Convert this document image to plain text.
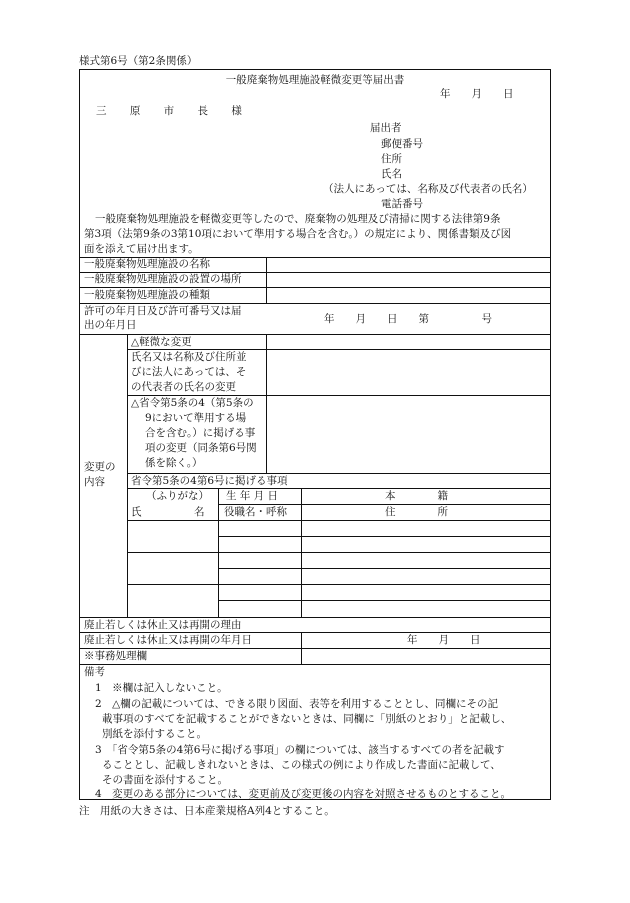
様式第6号（第2条関係）
一般廃棄物処理施設軽微変更等届出書
年　　月　　日
三 原 市 長 様
届出者
郵便番号
住所
氏名
（法人にあっては、名称及び代表者の氏名）
電話番号
一般廃棄物処理施設を軽微変更等したので、廃棄物の処理及び清掃に関する法律第9条
第3項（法第9条の3第10項において準用する場合を含む。）の規定により、関係書類及び図
面を添えて届け出ます。
一般廃棄物処理施設の名称
一般廃棄物処理施設の設置の場所
一般廃棄物処理施設の種類
許可の年月日及び許可番号又は届
出の年月日	年　　月　　日　　第　　　　　号
変更の
内容
△軽微な変更
氏名又は名称及び住所並
びに法人にあっては、そ
の代表者の氏名の変更
△省令第5条の4（第5条の
9において準用する場
合を含む。）に掲げる事
項の変更（同条第6号関
係を除く。）
省令第5条の4第6号に掲げる事項
（ふりがな）
氏　　　　　名
生 年 月 日
役職名・呼称
本　　　　籍
住　　　　所
廃止若しくは休止又は再開の理由
廃止若しくは休止又は再開の年月日	年　　月　　日
※事務処理欄
備考
1　※欄は記入しないこと。
2　△欄の記載については、できる限り図面、表等を利用することとし、同欄にその記
載事項のすべてを記載することができないときは、同欄に「別紙のとおり」と記載し、
別紙を添付すること。
3　「省令第5条の4第6号に掲げる事項」の欄については、該当するすべての者を記載す
ることとし、記載しきれないときは、この様式の例により作成した書面に記載して、
その書面を添付すること。
4　変更のある部分については、変更前及び変更後の内容を対照させるものとすること。
注　用紙の大きさは、日本産業規格A列4とすること。
